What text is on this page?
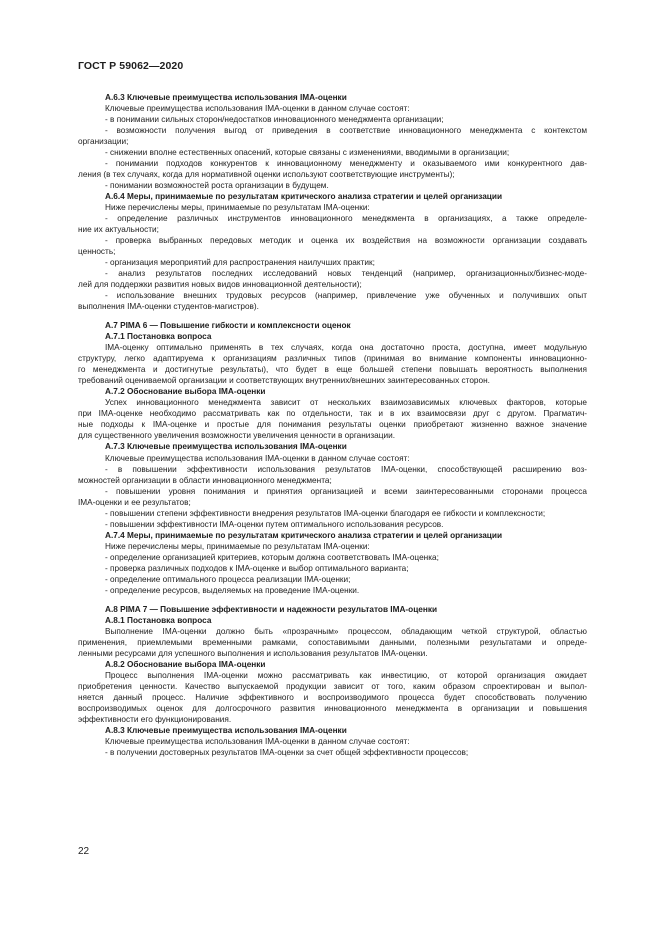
ГОСТ Р 59062—2020
A.6.3 Ключевые преимущества использования IMA-оценки
Ключевые преимущества использования IMA-оценки в данном случае состоят:
- в понимании сильных сторон/недостатков инновационного менеджмента организации;
- возможности получения выгод от приведения в соответствие инновационного менеджмента с контекстом
организации;
- снижении вполне естественных опасений, которые связаны с изменениями, вводимыми в организации;
- понимании подходов конкурентов к инновационному менеджменту и оказываемого ими конкурентного дав-
ления (в тех случаях, когда для нормативной оценки используют соответствующие инструменты);
- понимании возможностей роста организации в будущем.
A.6.4 Меры, принимаемые по результатам критического анализа стратегии и целей организации
Ниже перечислены меры, принимаемые по результатам IMA-оценки:
- определение различных инструментов инновационного менеджмента в организациях, а также определе-
ние их актуальности;
- проверка выбранных передовых методик и оценка их воздействия на возможности организации создавать
ценность;
- организация мероприятий для распространения наилучших практик;
- анализ результатов последних исследований новых тенденций (например, организационных/бизнес-моде-
лей для поддержки развития новых видов инновационной деятельности);
- использование внешних трудовых ресурсов (например, привлечение уже обученных и получивших опыт
выполнения IMA-оценки студентов-магистров).
A.7 PIMA 6 — Повышение гибкости и комплексности оценок
A.7.1 Постановка вопроса
IMA-оценку оптимально применять в тех случаях, когда она достаточно проста, доступна, имеет модульную
структуру, легко адаптируема к организациям различных типов (принимая во внимание компоненты инновационно-
го менеджмента и достигнутые результаты), что будет в еще большей степени повышать вероятность выполнения
требований оцениваемой организации и соответствующих внутренних/внешних заинтересованных сторон.
A.7.2 Обоснование выбора IMA-оценки
Успех инновационного менеджмента зависит от нескольких взаимозависимых ключевых факторов, которые
при IMA-оценке необходимо рассматривать как по отдельности, так и в их взаимосвязи друг с другом. Прагматич-
ные подходы к IMA-оценке и простые для понимания результаты оценки приобретают жизненно важное значение
для существенного увеличения возможности увеличения ценности в организации.
A.7.3 Ключевые преимущества использования IMA-оценки
Ключевые преимущества использования IMA-оценки в данном случае состоят:
- в повышении эффективности использования результатов IMA-оценки, способствующей расширению воз-
можностей организации в области инновационного менеджмента;
- повышении уровня понимания и принятия организацией и всеми заинтересованными сторонами процесса
IMA-оценки и ее результатов;
- повышении степени эффективности внедрения результатов IMA-оценки благодаря ее гибкости и комплексности;
- повышении эффективности IMA-оценки путем оптимального использования ресурсов.
A.7.4 Меры, принимаемые по результатам критического анализа стратегии и целей организации
Ниже перечислены меры, принимаемые по результатам IMA-оценки:
- определение организацией критериев, которым должна соответствовать IMA-оценка;
- проверка различных подходов к IMA-оценке и выбор оптимального варианта;
- определение оптимального процесса реализации IMA-оценки;
- определение ресурсов, выделяемых на проведение IMA-оценки.
A.8 PIMA 7 — Повышение эффективности и надежности результатов IMA-оценки
A.8.1 Постановка вопроса
Выполнение IMA-оценки должно быть «прозрачным» процессом, обладающим четкой структурой, областью
применения, приемлемыми временными рамками, сопоставимыми данными, полезными результатами и опреде-
ленными ресурсами для успешного выполнения и использования результатов IMA-оценки.
A.8.2 Обоснование выбора IMA-оценки
Процесс выполнения IMA-оценки можно рассматривать как инвестицию, от которой организация ожидает
приобретения ценности. Качество выпускаемой продукции зависит от того, каким образом спроектирован и выпол-
няется данный процесс. Наличие эффективного и воспроизводимого процесса будет способствовать получению
воспроизводимых оценок для долгосрочного развития инновационного менеджмента в организации и повышения
эффективности его функционирования.
A.8.3 Ключевые преимущества использования IMA-оценки
Ключевые преимущества использования IMA-оценки в данном случае состоят:
- в получении достоверных результатов IMA-оценки за счет общей эффективности процессов;
22
